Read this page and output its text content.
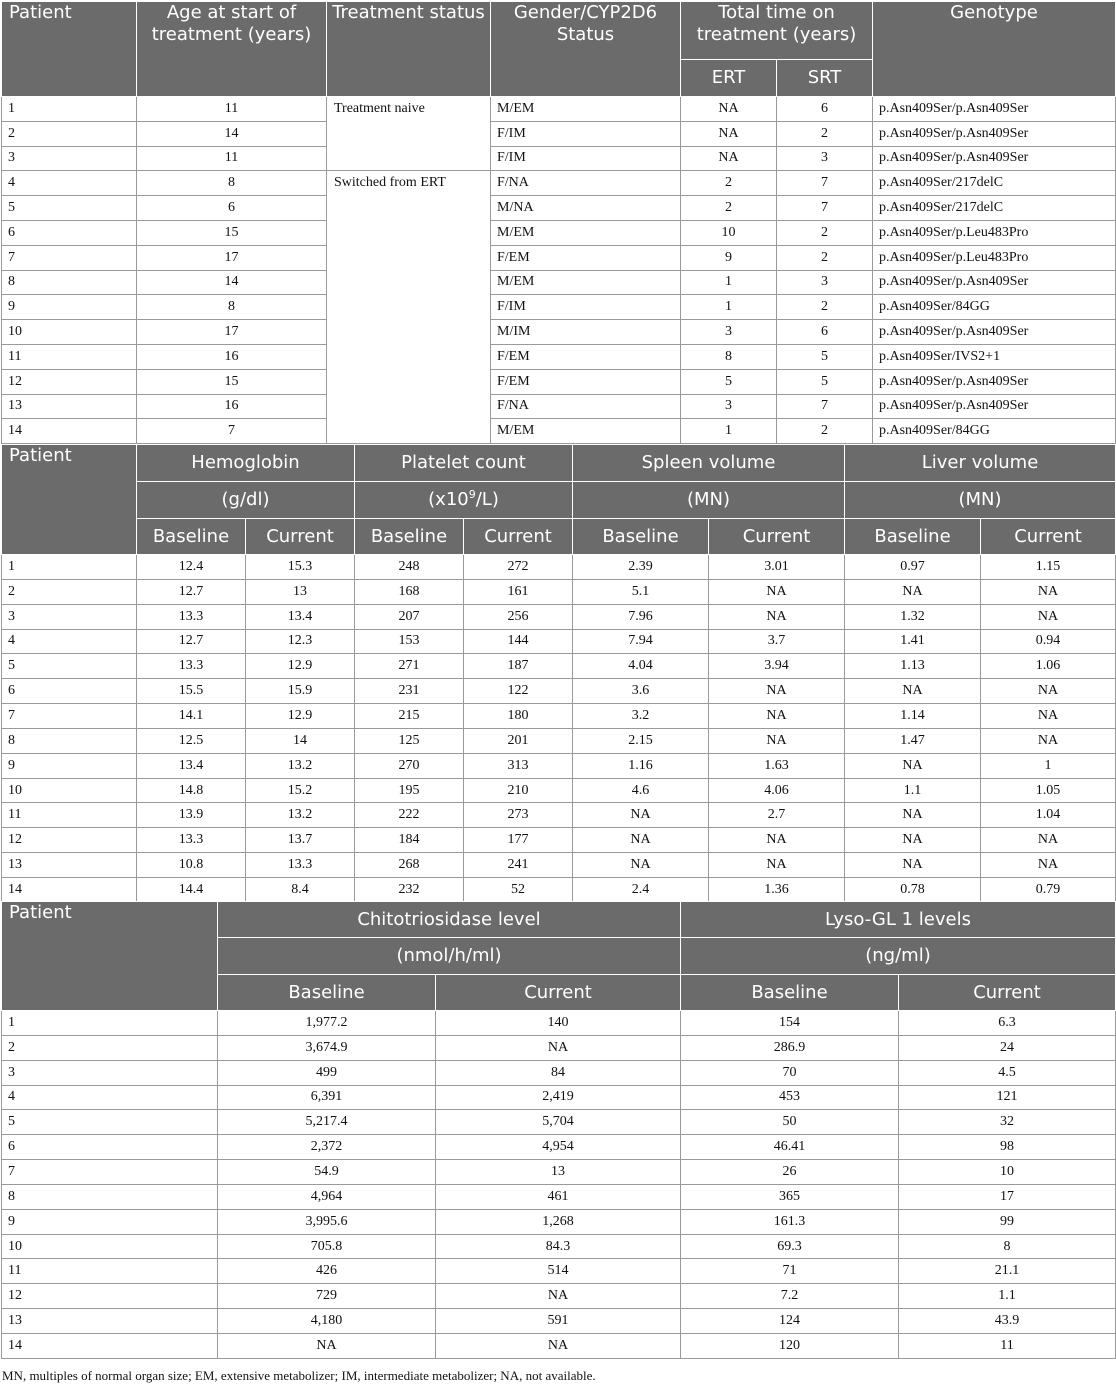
Patient	Age at start of treatment (years)	Treatment status	Gender/CYP2D6 Status	Total time on treatment (years)		Genotype
				ERT	SRT	
1	11	Treatment naive	M/EM	NA	6	p.Asn409Ser/p.Asn409Ser
2	14		F/IM	NA	2	p.Asn409Ser/p.Asn409Ser
3	11		F/IM	NA	3	p.Asn409Ser/p.Asn409Ser
4	8	Switched from ERT	F/NA	2	7	p.Asn409Ser/217delC
5	6		M/NA	2	7	p.Asn409Ser/217delC
6	15		M/EM	10	2	p.Asn409Ser/p.Leu483Pro
7	17		F/EM	9	2	p.Asn409Ser/p.Leu483Pro
8	14		M/EM	1	3	p.Asn409Ser/p.Asn409Ser
9	8		F/IM	1	2	p.Asn409Ser/84GG
10	17		M/IM	3	6	p.Asn409Ser/p.Asn409Ser
11	16		F/EM	8	5	p.Asn409Ser/IVS2+1
12	15		F/EM	5	5	p.Asn409Ser/p.Asn409Ser
13	16		F/NA	3	7	p.Asn409Ser/p.Asn409Ser
14	7		M/EM	1	2	p.Asn409Ser/84GG
Patient	Hemoglobin		Platelet count		Spleen volume		Liver volume	
	(g/dl)		$(x10^9/L)$		(MN)		(MN)	
	Baseline	Current	Baseline	Current	Baseline	Current	Baseline	Current
1	12.4	15.3	248	272	2.39	3.01	0.97	1.15
2	12.7	13	168	161	5.1	NA	NA	NA
3	13.3	13.4	207	256	7.96	NA	1.32	NA
4	12.7	12.3	153	144	7.94	3.7	1.41	0.94
5	13.3	12.9	271	187	4.04	3.94	1.13	1.06
6	15.5	15.9	231	122	3.6	NA	NA	NA
7	14.1	12.9	215	180	3.2	NA	1.14	NA
8	12.5	14	125	201	2.15	NA	1.47	NA
9	13.4	13.2	270	313	1.16	1.63	NA	1
10	14.8	15.2	195	210	4.6	4.06	1.1	1.05
11	13.9	13.2	222	273	NA	2.7	NA	1.04
12	13.3	13.7	184	177	NA	NA	NA	NA
13	10.8	13.3	268	241	NA	NA	NA	NA
14	14.4	8.4	232	52	2.4	1.36	0.78	0.79
Patient	Chitotriosidase level		Lyso-GL 1 levels	
	(nmol/h/ml)		(ng/ml)	
	Baseline	Current	Baseline	Current
1	1,977.2	140	154	6.3
2	3,674.9	NA	286.9	24
3	499	84	70	4.5
4	6,391	2,419	453	121
5	5,217.4	5,704	50	32
6	2,372	4,954	46.41	98
7	54.9	13	26	10
8	4,964	461	365	17
9	3,995.6	1,268	161.3	99
10	705.8	84.3	69.3	8
11	426	514	71	21.1
12	729	NA	7.2	1.1
13	4,180	591	124	43.9
14	NA	NA	120	11
MN, multiples of normal organ size; EM, extensive metabolizer; IM, intermediate metabolizer; NA, not available.
